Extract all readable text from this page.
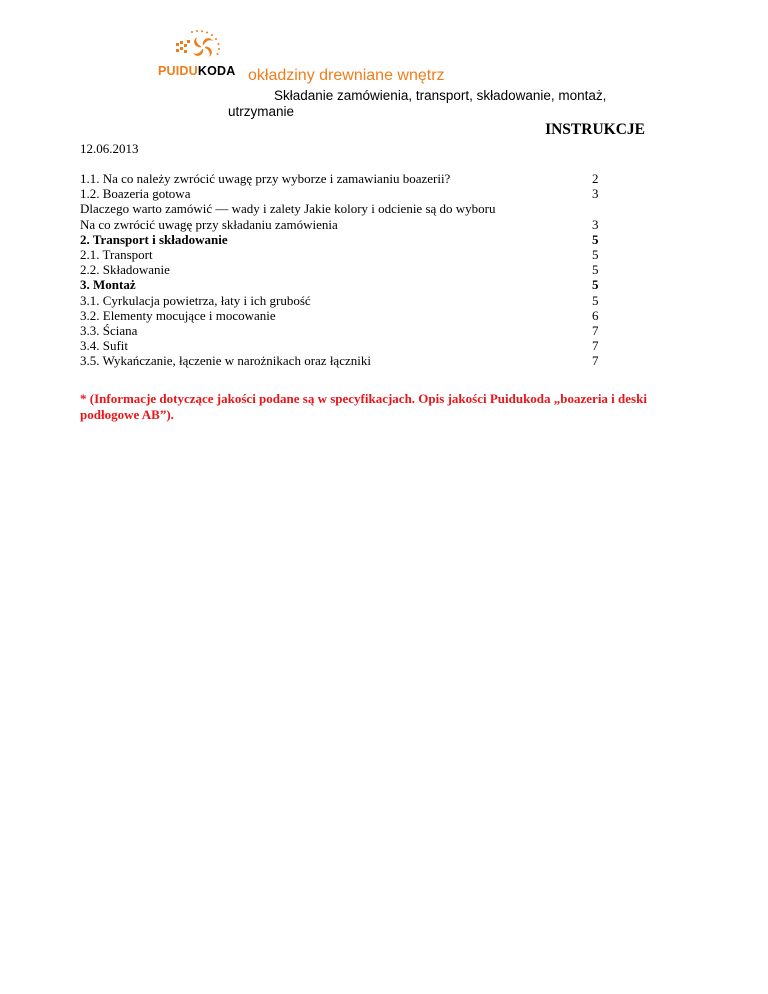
PUIDUKODA okładziny drewniane wnętrz
Składanie zamówienia, transport, składowanie, montaż, utrzymanie
INSTRUKCJE
12.06.2013
1.1. Na co należy zwrócić uwagę przy wyborze i zamawianiu boazerii?	2
1.2. Boazeria gotowa	3
Dlaczego warto zamówić — wady i zalety Jakie kolory i odcienie są do wyboru
Na co zwrócić uwagę przy składaniu zamówienia	3
2. Transport i składowanie	5
2.1. Transport	5
2.2. Składowanie	5
3. Montaż	5
3.1. Cyrkulacja powietrza, łaty i ich grubość	5
3.2. Elementy mocujące i mocowanie	6
3.3. Ściana	7
3.4. Sufit	7
3.5. Wykańczanie, łączenie w narożnikach oraz łączniki	7
* (Informacje dotyczące jakości podane są w specyfikacjach. Opis jakości Puidukoda „boazeria i deski podłogowe AB”).
